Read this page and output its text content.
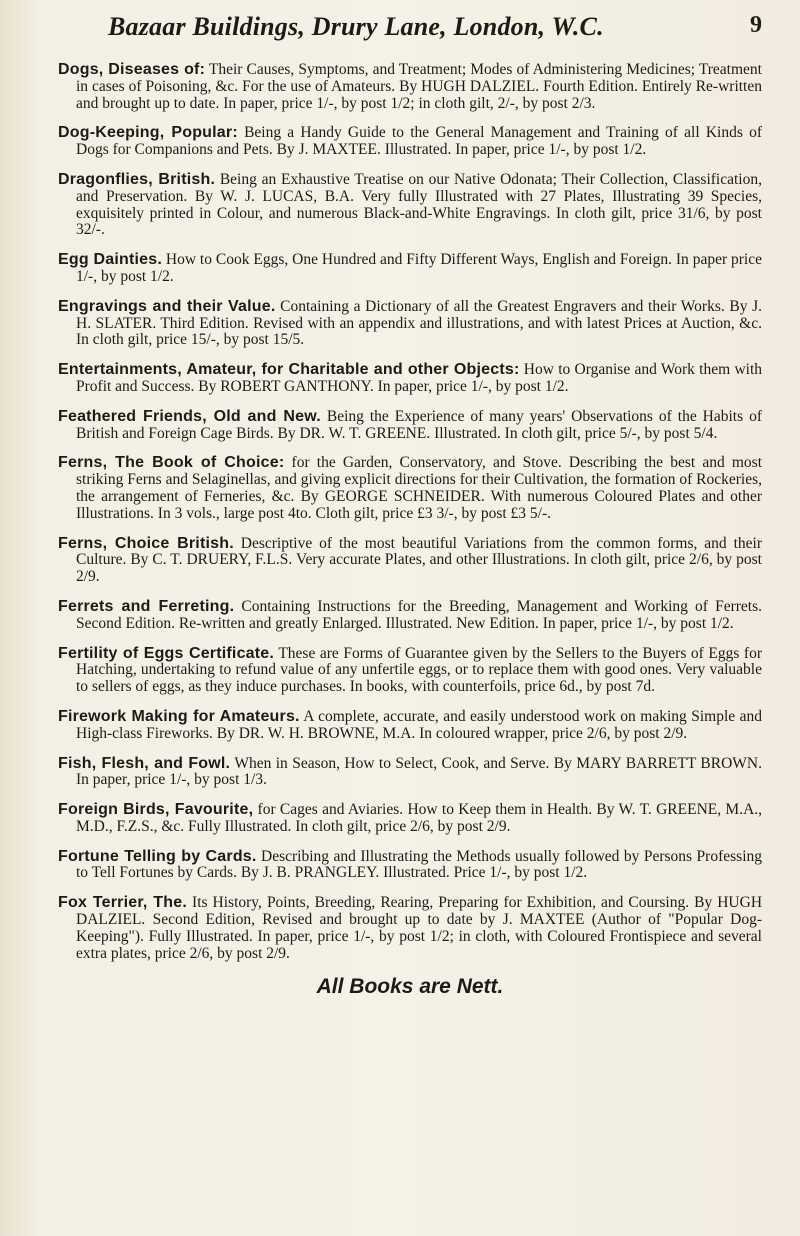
Bazaar Buildings, Drury Lane, London, W.C.	9

Dogs, Diseases of: Their Causes, Symptoms, and Treatment; Modes of Administering Medicines; Treatment in cases of Poisoning, &c. For the use of Amateurs. By HUGH DALZIEL. Fourth Edition. Entirely Re-written and brought up to date. In paper, price 1/-, by post 1/2; in cloth gilt, 2/-, by post 2/3.

Dog-Keeping, Popular: Being a Handy Guide to the General Management and Training of all Kinds of Dogs for Companions and Pets. By J. MAXTEE. Illustrated. In paper, price 1/-, by post 1/2.

Dragonflies, British. Being an Exhaustive Treatise on our Native Odonata; Their Collection, Classification, and Preservation. By W. J. LUCAS, B.A. Very fully Illustrated with 27 Plates, Illustrating 39 Species, exquisitely printed in Colour, and numerous Black-and-White Engravings. In cloth gilt, price 31/6, by post 32/-.

Egg Dainties. How to Cook Eggs, One Hundred and Fifty Different Ways, English and Foreign. In paper price 1/-, by post 1/2.

Engravings and their Value. Containing a Dictionary of all the Greatest Engravers and their Works. By J. H. SLATER. Third Edition. Revised with an appendix and illustrations, and with latest Prices at Auction, &c. In cloth gilt, price 15/-, by post 15/5.

Entertainments, Amateur, for Charitable and other Objects: How to Organise and Work them with Profit and Success. By ROBERT GANTHONY. In paper, price 1/-, by post 1/2.

Feathered Friends, Old and New. Being the Experience of many years' Observations of the Habits of British and Foreign Cage Birds. By DR. W. T. GREENE. Illustrated. In cloth gilt, price 5/-, by post 5/4.

Ferns, The Book of Choice: for the Garden, Conservatory, and Stove. Describing the best and most striking Ferns and Selaginellas, and giving explicit directions for their Cultivation, the formation of Rockeries, the arrangement of Ferneries, &c. By GEORGE SCHNEIDER. With numerous Coloured Plates and other Illustrations. In 3 vols., large post 4to. Cloth gilt, price £3 3/-, by post £3 5/-.

Ferns, Choice British. Descriptive of the most beautiful Variations from the common forms, and their Culture. By C. T. DRUERY, F.L.S. Very accurate Plates, and other Illustrations. In cloth gilt, price 2/6, by post 2/9.

Ferrets and Ferreting. Containing Instructions for the Breeding, Management and Working of Ferrets. Second Edition. Re-written and greatly Enlarged. Illustrated. New Edition. In paper, price 1/-, by post 1/2.

Fertility of Eggs Certificate. These are Forms of Guarantee given by the Sellers to the Buyers of Eggs for Hatching, undertaking to refund value of any unfertile eggs, or to replace them with good ones. Very valuable to sellers of eggs, as they induce purchases. In books, with counterfoils, price 6d., by post 7d.

Firework Making for Amateurs. A complete, accurate, and easily understood work on making Simple and High-class Fireworks. By DR. W. H. BROWNE, M.A. In coloured wrapper, price 2/6, by post 2/9.

Fish, Flesh, and Fowl. When in Season, How to Select, Cook, and Serve. By MARY BARRETT BROWN. In paper, price 1/-, by post 1/3.

Foreign Birds, Favourite, for Cages and Aviaries. How to Keep them in Health. By W. T. GREENE, M.A., M.D., F.Z.S., &c. Fully Illustrated. In cloth gilt, price 2/6, by post 2/9.

Fortune Telling by Cards. Describing and Illustrating the Methods usually followed by Persons Professing to Tell Fortunes by Cards. By J. B. PRANGLEY. Illustrated. Price 1/-, by post 1/2.

Fox Terrier, The. Its History, Points, Breeding, Rearing, Preparing for Exhibition, and Coursing. By HUGH DALZIEL. Second Edition, Revised and brought up to date by J. MAXTEE (Author of "Popular Dog-Keeping"). Fully Illustrated. In paper, price 1/-, by post 1/2; in cloth, with Coloured Frontispiece and several extra plates, price 2/6, by post 2/9.

All Books are Nett.
